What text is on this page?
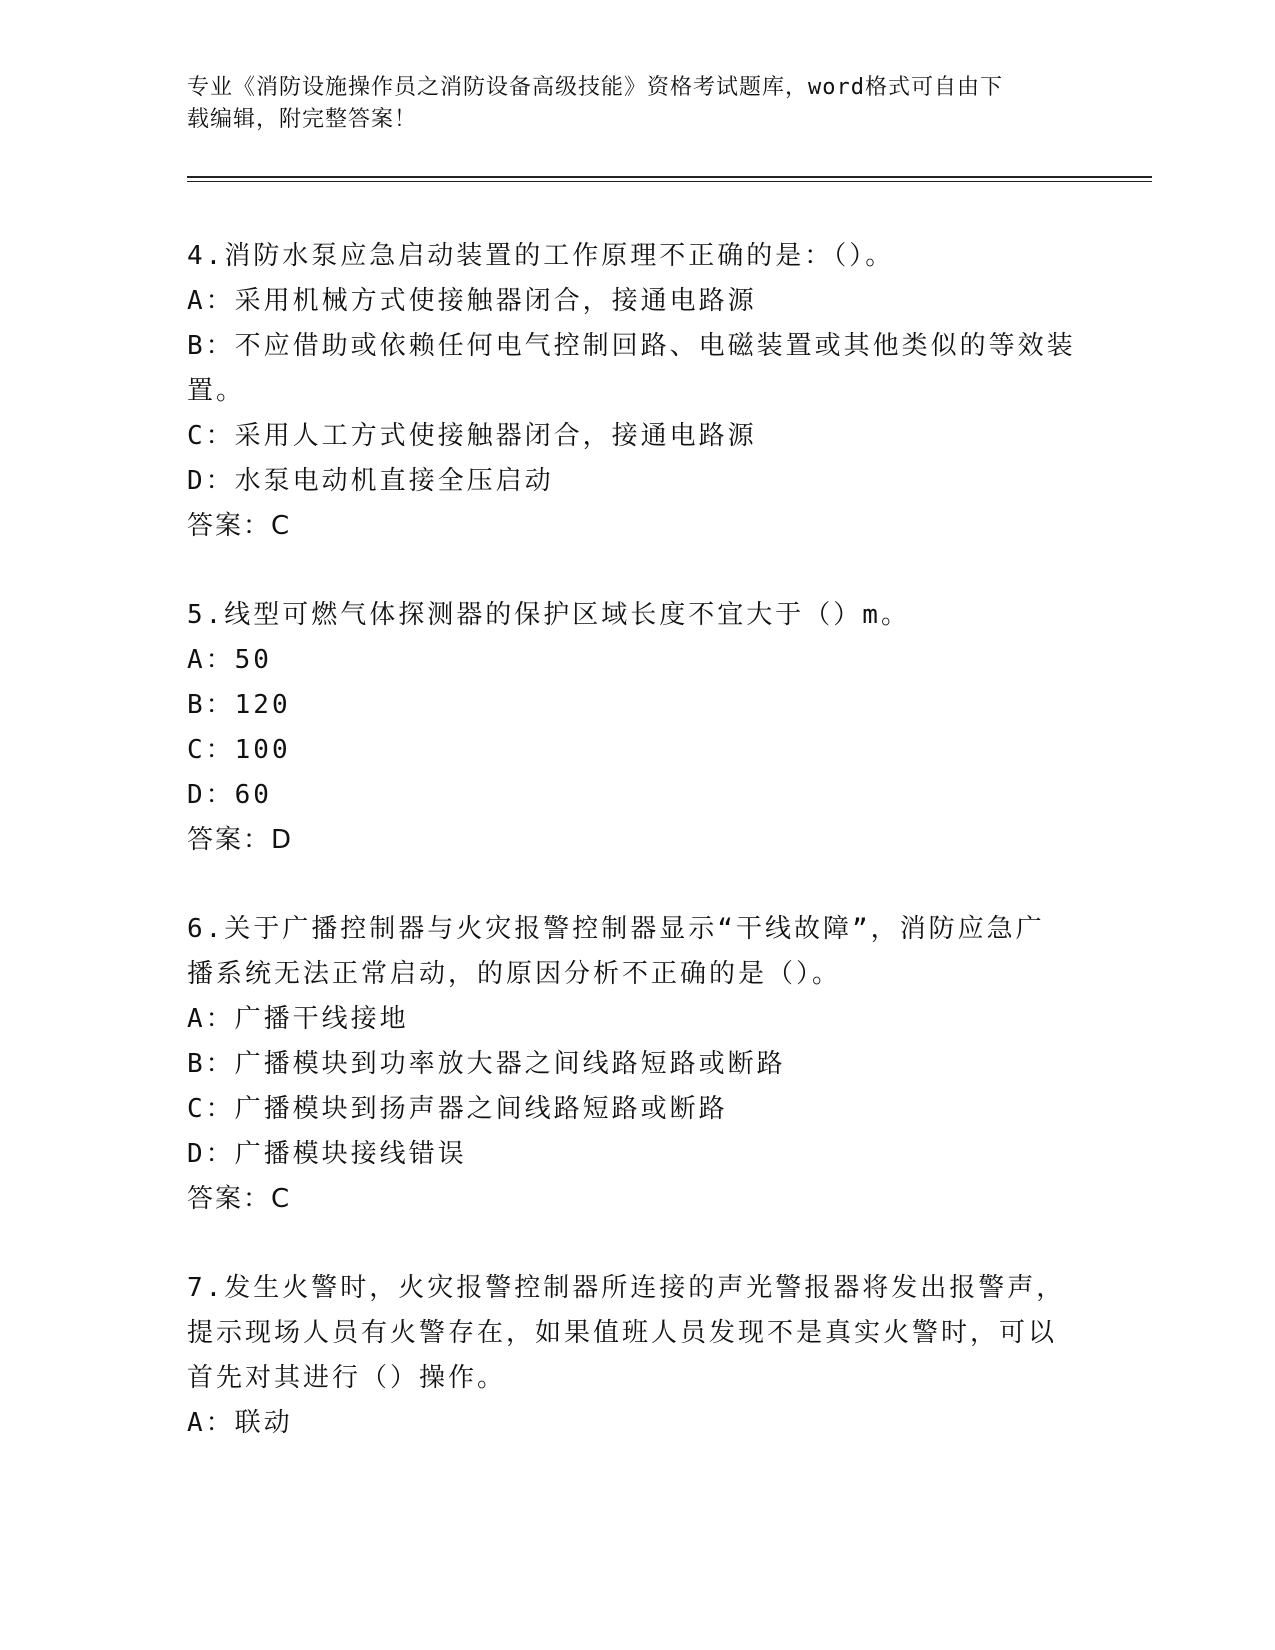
专业《消防设施操作员之消防设备高级技能》资格考试题库，word格式可自由下
载编辑，附完整答案！
4.消防水泵应急启动装置的工作原理不正确的是：（）。
A：采用机械方式使接触器闭合，接通电路源
B：不应借助或依赖任何电气控制回路、电磁装置或其他类似的等效装
置。
C：采用人工方式使接触器闭合，接通电路源
D：水泵电动机直接全压启动
答案：C
5.线型可燃气体探测器的保护区域长度不宜大于（）m。
A：50
B：120
C：100
D：60
答案：D
6.关于广播控制器与火灾报警控制器显示“干线故障”，消防应急广
播系统无法正常启动，的原因分析不正确的是（）。
A：广播干线接地
B：广播模块到功率放大器之间线路短路或断路
C：广播模块到扬声器之间线路短路或断路
D：广播模块接线错误
答案：C
7.发生火警时，火灾报警控制器所连接的声光警报器将发出报警声，
提示现场人员有火警存在，如果值班人员发现不是真实火警时，可以
首先对其进行（）操作。
A：联动
